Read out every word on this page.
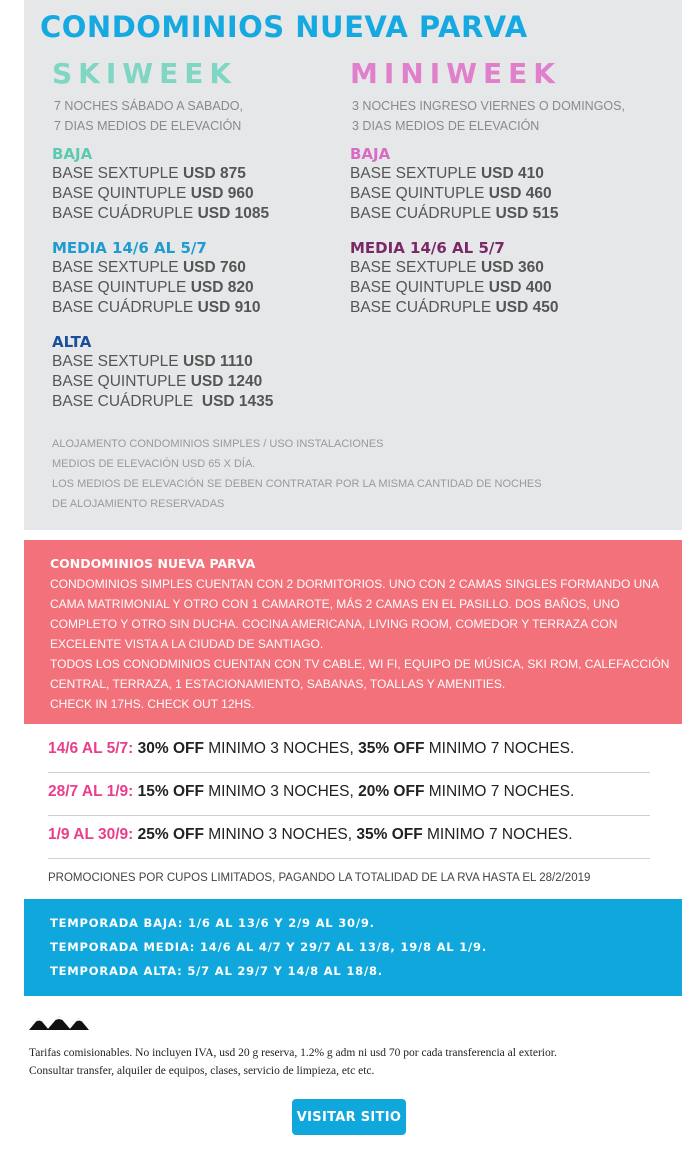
CONDOMINIOS NUEVA PARVA
SKIWEEK
7 NOCHES SÁBADO A SABADO,
7 DIAS MEDIOS DE ELEVACIÓN
BAJA
BASE SEXTUPLE USD 875
BASE QUINTUPLE USD 960
BASE CUÁDRUPLE USD 1085
MEDIA 14/6 AL 5/7
BASE SEXTUPLE USD 760
BASE QUINTUPLE USD 820
BASE CUÁDRUPLE USD 910
ALTA
BASE SEXTUPLE USD 1110
BASE QUINTUPLE USD 1240
BASE CUÁDRUPLE  USD 1435
MINIWEEK
3 NOCHES INGRESO VIERNES O DOMINGOS,
3 DIAS MEDIOS DE ELEVACIÓN
BAJA
BASE SEXTUPLE USD 410
BASE QUINTUPLE USD 460
BASE CUÁDRUPLE USD 515
MEDIA 14/6 AL 5/7
BASE SEXTUPLE USD 360
BASE QUINTUPLE USD 400
BASE CUÁDRUPLE USD 450
ALOJAMENTO CONDOMINIOS SIMPLES / USO INSTALACIONES
MEDIOS DE ELEVACIÓN USD 65 X DÍA.
LOS MEDIOS DE ELEVACIÓN SE DEBEN CONTRATAR POR LA MISMA CANTIDAD DE NOCHES
DE ALOJAMIENTO RESERVADAS
CONDOMINIOS NUEVA PARVA
CONDOMINIOS SIMPLES CUENTAN CON 2 DORMITORIOS. UNO CON 2 CAMAS SINGLES FORMANDO UNA
CAMA MATRIMONIAL Y OTRO CON 1 CAMAROTE, MÁS 2 CAMAS EN EL PASILLO. DOS BAÑOS, UNO
COMPLETO Y OTRO SIN DUCHA. COCINA AMERICANA, LIVING ROOM, COMEDOR Y TERRAZA CON
EXCELENTE VISTA A LA CIUDAD DE SANTIAGO.
TODOS LOS CONODMINIOS CUENTAN CON TV CABLE, WI FI, EQUIPO DE MÚSICA, SKI ROM, CALEFACCIÓN
CENTRAL, TERRAZA, 1 ESTACIONAMIENTO, SABANAS, TOALLAS Y AMENITIES.
CHECK IN 17HS. CHECK OUT 12HS.
14/6 AL 5/7: 30% OFF MINIMO 3 NOCHES, 35% OFF MINIMO 7 NOCHES.
28/7 AL 1/9: 15% OFF MINIMO 3 NOCHES, 20% OFF MINIMO 7 NOCHES.
1/9 AL 30/9: 25% OFF MININO 3 NOCHES, 35% OFF MINIMO 7 NOCHES.
PROMOCIONES POR CUPOS LIMITADOS, PAGANDO LA TOTALIDAD DE LA RVA HASTA EL 28/2/2019
TEMPORADA BAJA: 1/6 AL 13/6 Y 2/9 AL 30/9.
TEMPORADA MEDIA: 14/6 AL 4/7 Y 29/7 AL 13/8, 19/8 AL 1/9.
TEMPORADA ALTA: 5/7 AL 29/7 Y 14/8 AL 18/8.
Tarifas comisionables. No incluyen IVA, usd 20 g reserva, 1.2% g adm ni usd 70 por cada transferencia al exterior.
Consultar transfer, alquiler de equipos, clases, servicio de limpieza, etc etc.
VISITAR SITIO
